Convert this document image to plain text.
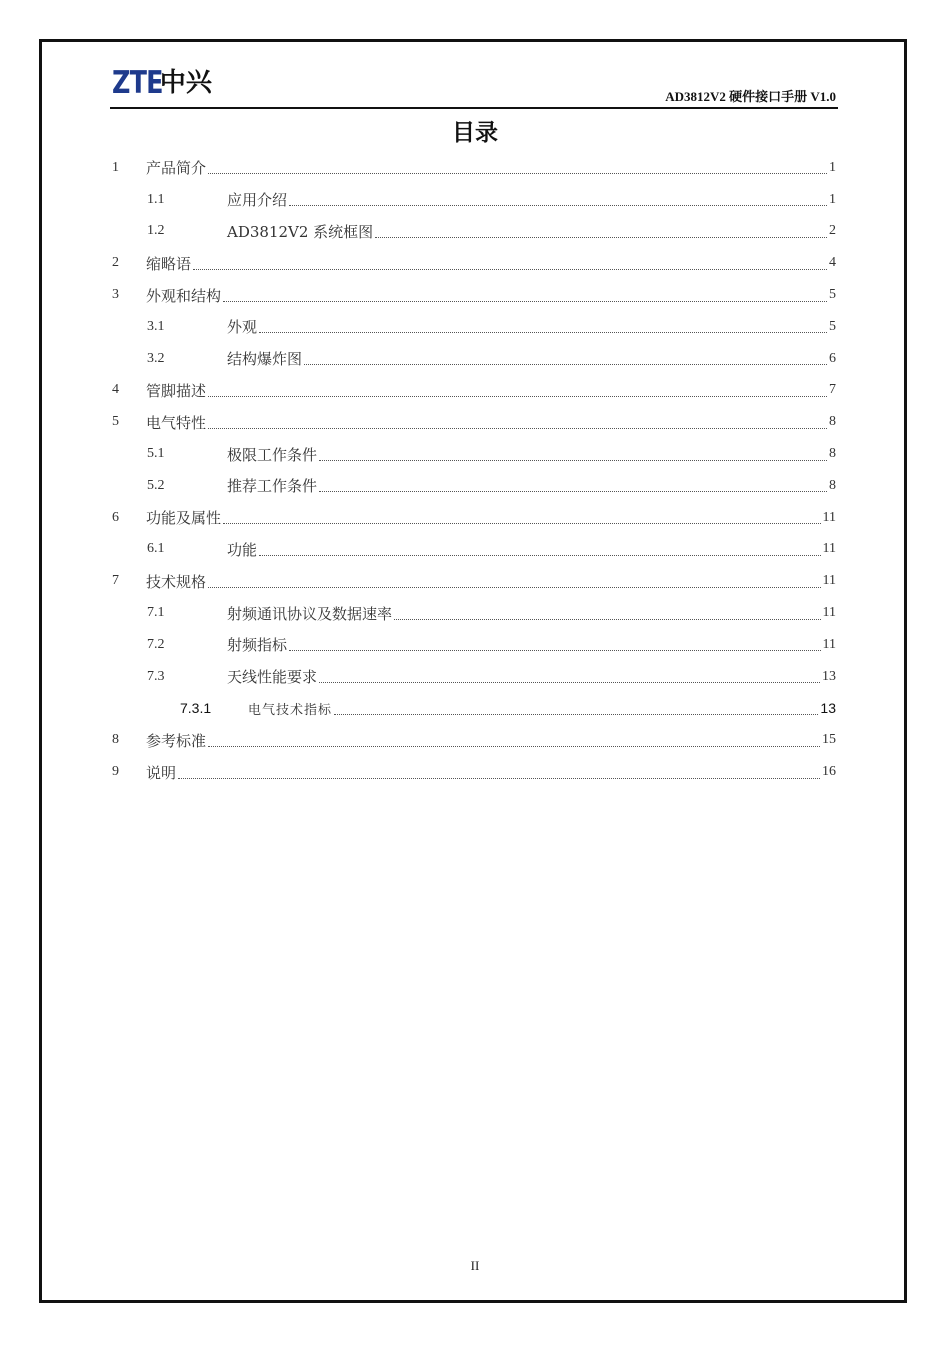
ZTE
中兴	AD3812V2 硬件接口手册 V1.0
目录
1	产品简介	1
1.1	应用介绍	1
1.2	AD3812V2 系统框图	2
2	缩略语	4
3	外观和结构	5
3.1	外观	5
3.2	结构爆炸图	6
4	管脚描述	7
5	电气特性	8
5.1	极限工作条件	8
5.2	推荐工作条件	8
6	功能及属性	11
6.1	功能	11
7	技术规格	11
7.1	射频通讯协议及数据速率	11
7.2	射频指标	11
7.3	天线性能要求	13
7.3.1	电气技术指标	13
8	参考标准	15
9	说明	16
II
